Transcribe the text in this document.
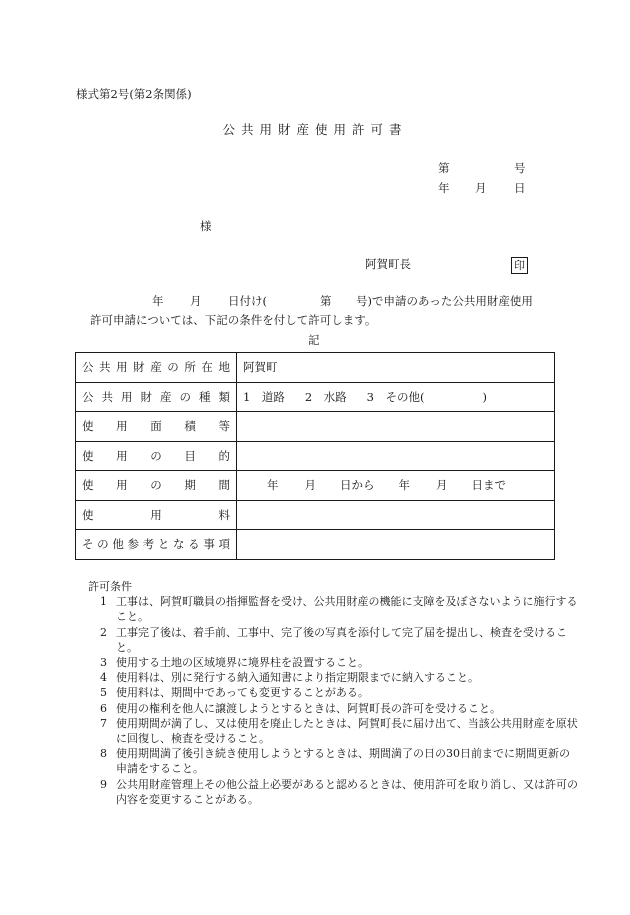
様式第2号(第2条関係)
公共用財産使用許可書
第	号
年 月 日
様
阿賀町長	印
年 月 日付け(	第 号)で申請のあった公共用財産使用
許可申請については、下記の条件を付して許可します。
記
公共用財産の所在地	阿賀町
公共用財産の種類	1　道路 2　水路 3　その他( )
使用面積等	
使用の目的	
使用の期間	年 月 日から 年 月 日まで
使用料	
その他参考となる事項	
許可条件
1 工事は、阿賀町職員の指揮監督を受け、公共用財産の機能に支障を及ぼさないように施行すること。
2 工事完了後は、着手前、工事中、完了後の写真を添付して完了届を提出し、検査を受けること。
3 使用する土地の区域境界に境界柱を設置すること。
4 使用料は、別に発行する納入通知書により指定期限までに納入すること。
5 使用料は、期間中であっても変更することがある。
6 使用の権利を他人に譲渡しようとするときは、阿賀町長の許可を受けること。
7 使用期間が満了し、又は使用を廃止したときは、阿賀町長に届け出て、当該公共用財産を原状に回復し、検査を受けること。
8 使用期間満了後引き続き使用しようとするときは、期間満了の日の30日前までに期間更新の申請をすること。
9 公共用財産管理上その他公益上必要があると認めるときは、使用許可を取り消し、又は許可の内容を変更することがある。
